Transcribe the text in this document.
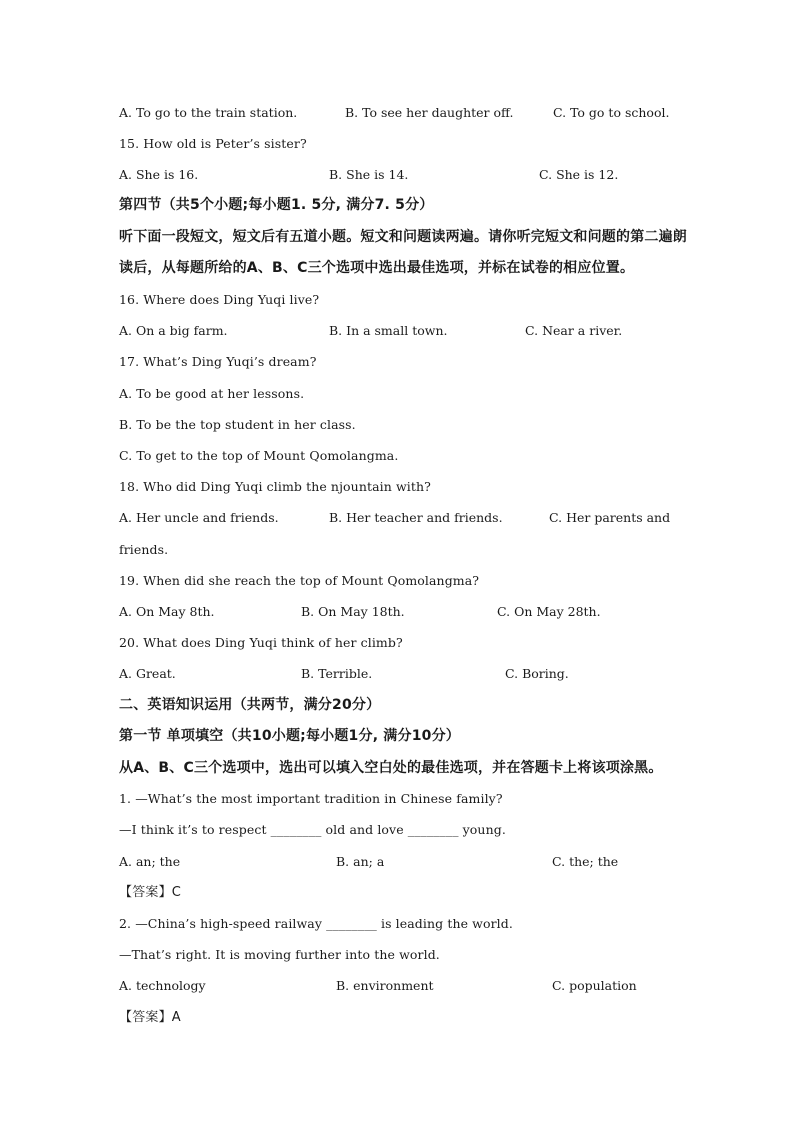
A. To go to the train station.	B. To see her daughter off.	C. To go to school.
15. How old is Peter’s sister?
A. She is 16.	B. She is 14.	C. She is 12.
第四节（共5个小题;每小题1. 5分, 满分7. 5分）
听下面一段短文，短文后有五道小题。短文和问题读两遍。请你听完短文和问题的第二遍朗
读后，从每题所给的A、B、C三个选项中选出最佳选项，并标在试卷的相应位置。
16. Where does Ding Yuqi live?
A. On a big farm.	B. In a small town.	C. Near a river.
17. What’s Ding Yuqi’s dream?
A. To be good at her lessons.
B. To be the top student in her class.
C. To get to the top of Mount Qomolangma.
18. Who did Ding Yuqi climb the njountain with?
A. Her uncle and friends.	B. Her teacher and friends.	C. Her parents and
friends.
19. When did she reach the top of Mount Qomolangma?
A. On May 8th.	B. On May 18th.	C. On May 28th.
20. What does Ding Yuqi think of her climb?
A. Great.	B. Terrible.	C. Boring.
二、英语知识运用（共两节，满分20分）
第一节 单项填空（共10小题;每小题1分, 满分10分）
从A、B、C三个选项中，选出可以填入空白处的最佳选项，并在答题卡上将该项涂黑。
1. —What’s the most important tradition in Chinese family?
—I think it’s to respect ________ old and love ________ young.
A. an; the	B. an; a	C. the; the
【答案】C
2. —China’s high-speed railway ________ is leading the world.
—That’s right. It is moving further into the world.
A. technology	B. environment	C. population
【答案】A
